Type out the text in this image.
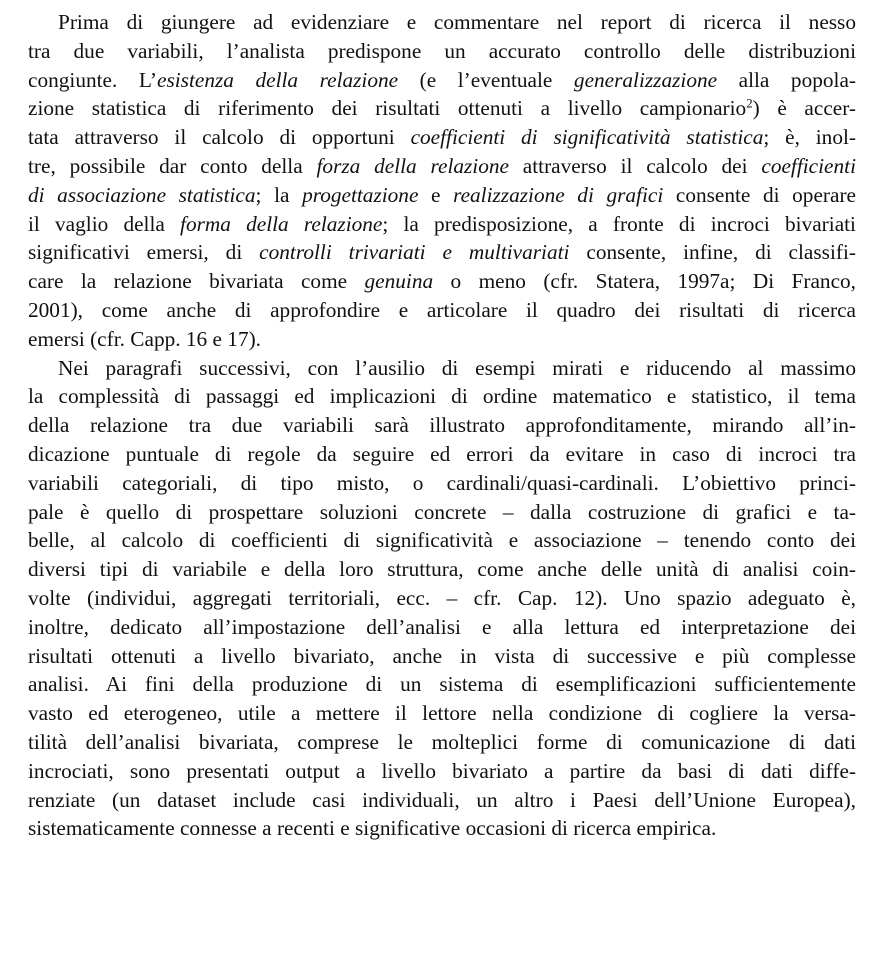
Prima di giungere ad evidenziare e commentare nel report di ricerca il nesso
tra due variabili, l’analista predispone un accurato controllo delle distribuzioni
congiunte. L’esistenza della relazione (e l’eventuale generalizzazione alla popola-
zione statistica di riferimento dei risultati ottenuti a livello campionario$^2$) è accer-
tata attraverso il calcolo di opportuni coefficienti di significatività statistica; è, inol-
tre, possibile dar conto della forza della relazione attraverso il calcolo dei coefficienti
di associazione statistica; la progettazione e realizzazione di grafici consente di operare
il vaglio della forma della relazione; la predisposizione, a fronte di incroci bivariati
significativi emersi, di controlli trivariati e multivariati consente, infine, di classifi-
care la relazione bivariata come genuina o meno (cfr. Statera, 1997a; Di Franco,
2001), come anche di approfondire e articolare il quadro dei risultati di ricerca
emersi (cfr. Capp. 16 e 17).
Nei paragrafi successivi, con l’ausilio di esempi mirati e riducendo al massimo
la complessità di passaggi ed implicazioni di ordine matematico e statistico, il tema
della relazione tra due variabili sarà illustrato approfonditamente, mirando all’in-
dicazione puntuale di regole da seguire ed errori da evitare in caso di incroci tra
variabili categoriali, di tipo misto, o cardinali/quasi-cardinali. L’obiettivo princi-
pale è quello di prospettare soluzioni concrete – dalla costruzione di grafici e ta-
belle, al calcolo di coefficienti di significatività e associazione – tenendo conto dei
diversi tipi di variabile e della loro struttura, come anche delle unità di analisi coin-
volte (individui, aggregati territoriali, ecc. – cfr. Cap. 12). Uno spazio adeguato è,
inoltre, dedicato all’impostazione dell’analisi e alla lettura ed interpretazione dei
risultati ottenuti a livello bivariato, anche in vista di successive e più complesse
analisi. Ai fini della produzione di un sistema di esemplificazioni sufficientemente
vasto ed eterogeneo, utile a mettere il lettore nella condizione di cogliere la versa-
tilità dell’analisi bivariata, comprese le molteplici forme di comunicazione di dati
incrociati, sono presentati output a livello bivariato a partire da basi di dati diffe-
renziate (un dataset include casi individuali, un altro i Paesi dell’Unione Europea),
sistematicamente connesse a recenti e significative occasioni di ricerca empirica.
